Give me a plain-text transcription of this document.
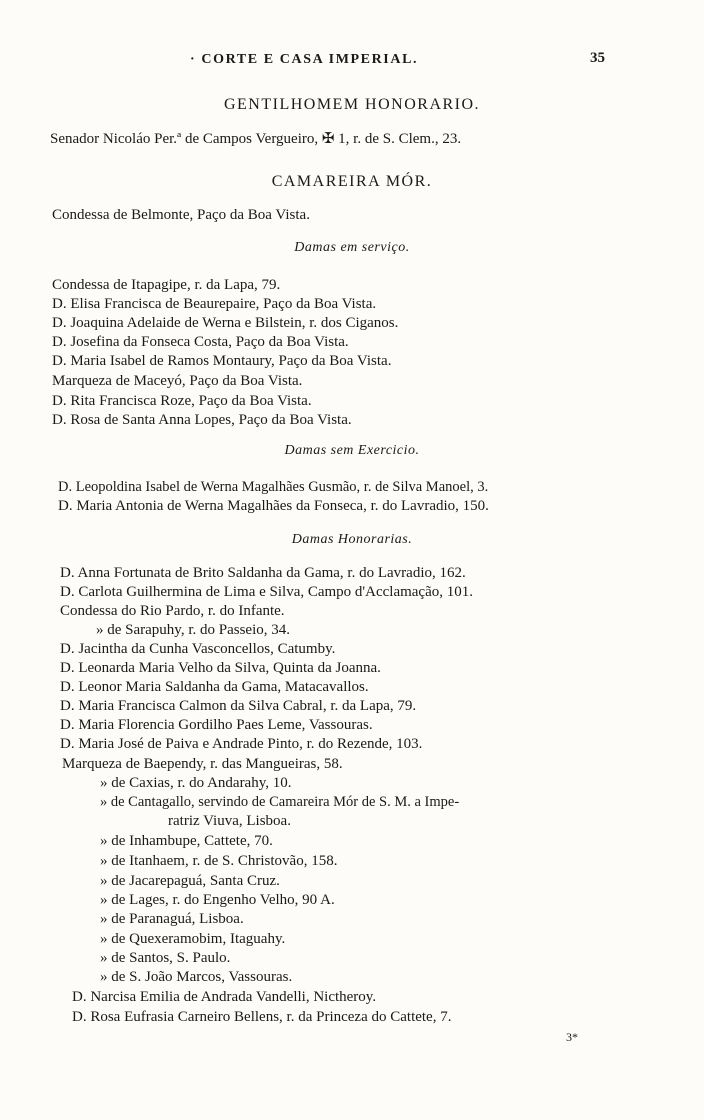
· CORTE E CASA IMPERIAL.	35
GENTILHOMEM HONORARIO.
Senador Nicoláo Per.ª de Campos Vergueiro, ✠ 1, r. de S. Clem., 23.
CAMAREIRA MÓR.
Condessa de Belmonte, Paço da Boa Vista.
Damas em serviço.
Condessa de Itapagipe, r. da Lapa, 79.
D. Elisa Francisca de Beaurepaire, Paço da Boa Vista.
D. Joaquina Adelaide de Werna e Bilstein, r. dos Ciganos.
D. Josefina da Fonseca Costa, Paço da Boa Vista.
D. Maria Isabel de Ramos Montaury, Paço da Boa Vista.
Marqueza de Maceyó, Paço da Boa Vista.
D. Rita Francisca Roze, Paço da Boa Vista.
D. Rosa de Santa Anna Lopes, Paço da Boa Vista.
Damas sem Exercicio.
D. Leopoldina Isabel de Werna Magalhães Gusmão, r. de Silva Manoel, 3.
D. Maria Antonia de Werna Magalhães da Fonseca, r. do Lavradio, 150.
Damas Honorarias.
D. Anna Fortunata de Brito Saldanha da Gama, r. do Lavradio, 162.
D. Carlota Guilhermina de Lima e Silva, Campo d'Acclamação, 101.
Condessa do Rio Pardo, r. do Infante.
» de Sarapuhy, r. do Passeio, 34.
D. Jacintha da Cunha Vasconcellos, Catumby.
D. Leonarda Maria Velho da Silva, Quinta da Joanna.
D. Leonor Maria Saldanha da Gama, Matacavallos.
D. Maria Francisca Calmon da Silva Cabral, r. da Lapa, 79.
D. Maria Florencia Gordilho Paes Leme, Vassouras.
D. Maria José de Paiva e Andrade Pinto, r. do Rezende, 103.
Marqueza de Baependy, r. das Mangueiras, 58.
» de Caxias, r. do Andarahy, 10.
» de Cantagallo, servindo de Camareira Mór de S. M. a Impe-
ratriz Viuva, Lisboa.
» de Inhambupe, Cattete, 70.
» de Itanhaem, r. de S. Christovão, 158.
» de Jacarepaguá, Santa Cruz.
» de Lages, r. do Engenho Velho, 90 A.
» de Paranaguá, Lisboa.
» de Quexeramobim, Itaguahy.
» de Santos, S. Paulo.
» de S. João Marcos, Vassouras.
D. Narcisa Emilia de Andrada Vandelli, Nictheroy.
D. Rosa Eufrasia Carneiro Bellens, r. da Princeza do Cattete, 7.
3*
